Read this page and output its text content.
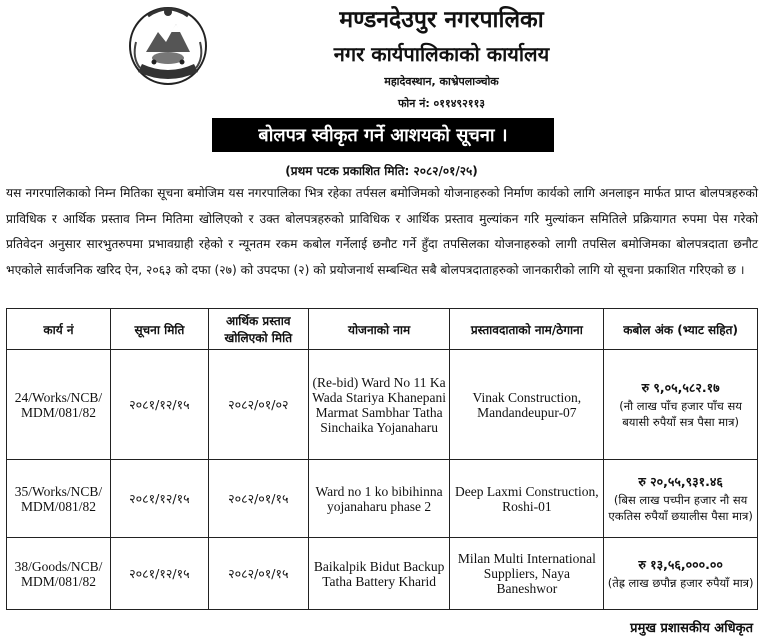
मण्डनदेउपुर नगरपालिका
नगर कार्यपालिकाको कार्यालय
महादेवस्थान, काभ्रेपलाञ्चोक
फोन नं: ०११४९२११३
बोलपत्र स्वीकृत गर्ने आशयको सूचना ।
(प्रथम पटक प्रकाशित मिति: २०८२/०१/२५)
यस नगरपालिकाको निम्न मितिका सूचना बमोजिम यस नगरपालिका भित्र रहेका तर्पसल बमोजिमको योजनाहरुको निर्माण कार्यको लागि अनलाइन मार्फत प्राप्त बोलपत्रहरुको प्राविधिक र आर्थिक प्रस्ताव निम्न मितिमा खोलिएको र उक्त बोलपत्रहरुको प्राविधिक र आर्थिक प्रस्ताव मुल्यांकन गरि मुल्यांकन समितिले प्रक्रियागत रुपमा पेस गरेको प्रतिवेदन अनुसार सारभुतरुपमा प्रभावग्राही रहेको र न्यूनतम रकम कबोल गर्नेलाई छनौट गर्ने हुँदा तपसिलका योजनाहरुको लागी तपसिल बमोजिमका बोलपत्रदाता छनौट भएकोले सार्वजनिक खरिद ऐन, २०६३ को दफा (२७) को उपदफा (२) को प्रयोजनार्थ सम्बन्धित सबै बोलपत्रदाताहरुको जानकारीको लागि यो सूचना प्रकाशित गरिएको छ ।
कार्य नं	सूचना मिति	आर्थिक प्रस्ताव खोलिएको मिति	योजनाको नाम	प्रस्तावदाताको नाम/ठेगाना	कबोल अंक (भ्याट सहित)
24/Works/NCB/ MDM/081/82	२०८१/१२/१५	२०८२/०१/०२	(Re-bid) Ward No 11 Ka Wada Stariya Khanepani Marmat Sambhar Tatha Sinchaika Yojanaharu	Vinak Construction, Mandandeupur-07	रु ९,०५,५८२.१७
(नौ लाख पाँच हजार पाँच सय बयासी रुपैयाँ सत्र पैसा मात्र)
35/Works/NCB/ MDM/081/82	२०८१/१२/१५	२०८२/०१/१५	Ward no 1 ko bibihinna yojanaharu phase 2	Deep Laxmi Construction, Roshi-01	रु २०,५५,९३१.४६
(बिस लाख पच्पीन हजार नौ सय एकतिस रुपैयाँ छयालीस पैसा मात्र)
38/Goods/NCB/ MDM/081/82	२०८१/१२/१५	२०८२/०१/१५	Baikalpik Bidut Backup Tatha Battery Kharid	Milan Multi International Suppliers, Naya Baneshwor	रु १३,५६,०००.००
(तेह्र लाख छपौन्न हजार रुपैयाँ मात्र)
प्रमुख प्रशासकीय अधिकृत
